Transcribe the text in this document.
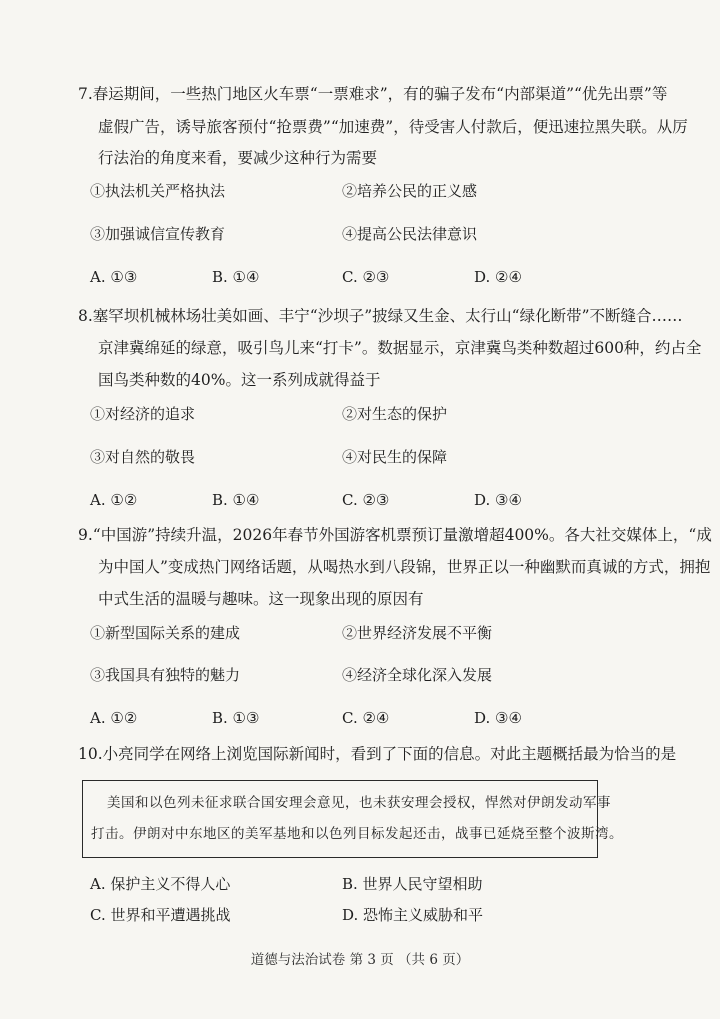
7.春运期间，一些热门地区火车票“一票难求”，有的骗子发布“内部渠道”“优先出票”等
虚假广告，诱导旅客预付“抢票费”“加速费”，待受害人付款后，便迅速拉黑失联。从厉
行法治的角度来看，要减少这种行为需要
①执法机关严格执法	②培养公民的正义感
③加强诚信宣传教育	④提高公民法律意识
A. ①③	B. ①④	C. ②③	D. ②④
8.塞罕坝机械林场壮美如画、丰宁“沙坝子”披绿又生金、太行山“绿化断带”不断缝合……
京津冀绵延的绿意，吸引鸟儿来“打卡”。数据显示，京津冀鸟类种数超过600种，约占全
国鸟类种数的40%。这一系列成就得益于
①对经济的追求	②对生态的保护
③对自然的敬畏	④对民生的保障
A. ①②	B. ①④	C. ②③	D. ③④
9.“中国游”持续升温，2026年春节外国游客机票预订量激增超400%。各大社交媒体上，“成
为中国人”变成热门网络话题，从喝热水到八段锦，世界正以一种幽默而真诚的方式，拥抱
中式生活的温暖与趣味。这一现象出现的原因有
①新型国际关系的建成	②世界经济发展不平衡
③我国具有独特的魅力	④经济全球化深入发展
A. ①②	B. ①③	C. ②④	D. ③④
10.小亮同学在网络上浏览国际新闻时，看到了下面的信息。对此主题概括最为恰当的是
美国和以色列未征求联合国安理会意见，也未获安理会授权，悍然对伊朗发动军事
打击。伊朗对中东地区的美军基地和以色列目标发起还击，战事已延烧至整个波斯湾。
A. 保护主义不得人心	B. 世界人民守望相助
C. 世界和平遭遇挑战	D. 恐怖主义威胁和平
道德与法治试卷 第 3 页 （共 6 页）
